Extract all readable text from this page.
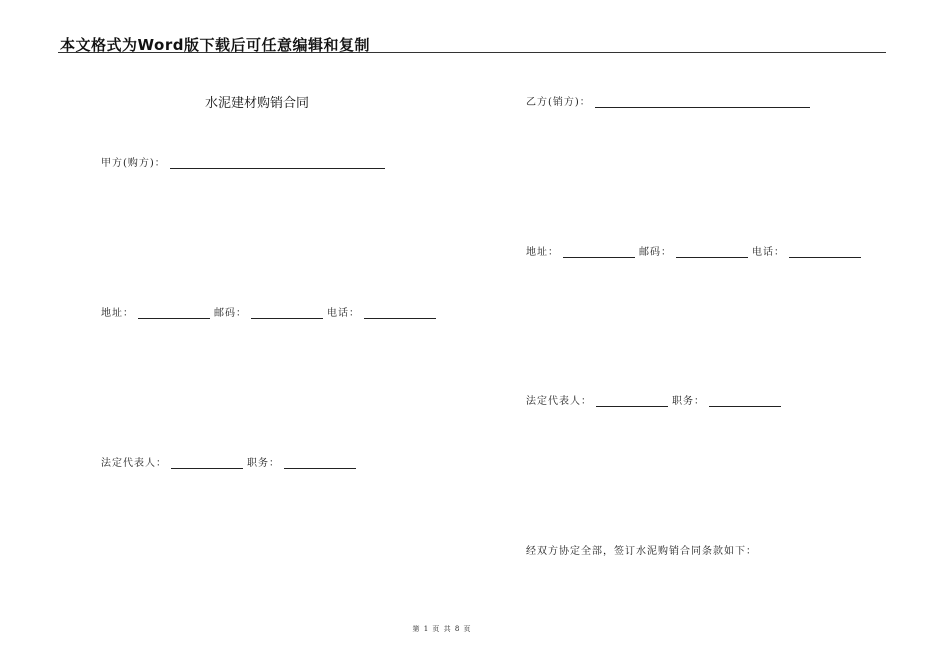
本文格式为Word版下载后可任意编辑和复制
水泥建材购销合同
甲方(购方)：
地址：	邮码：	电话：
法定代表人：	职务：
乙方(销方)：
地址：	邮码：	电话：
法定代表人：	职务：
经双方协定全部，签订水泥购销合同条款如下：
第 1 页 共 8 页
